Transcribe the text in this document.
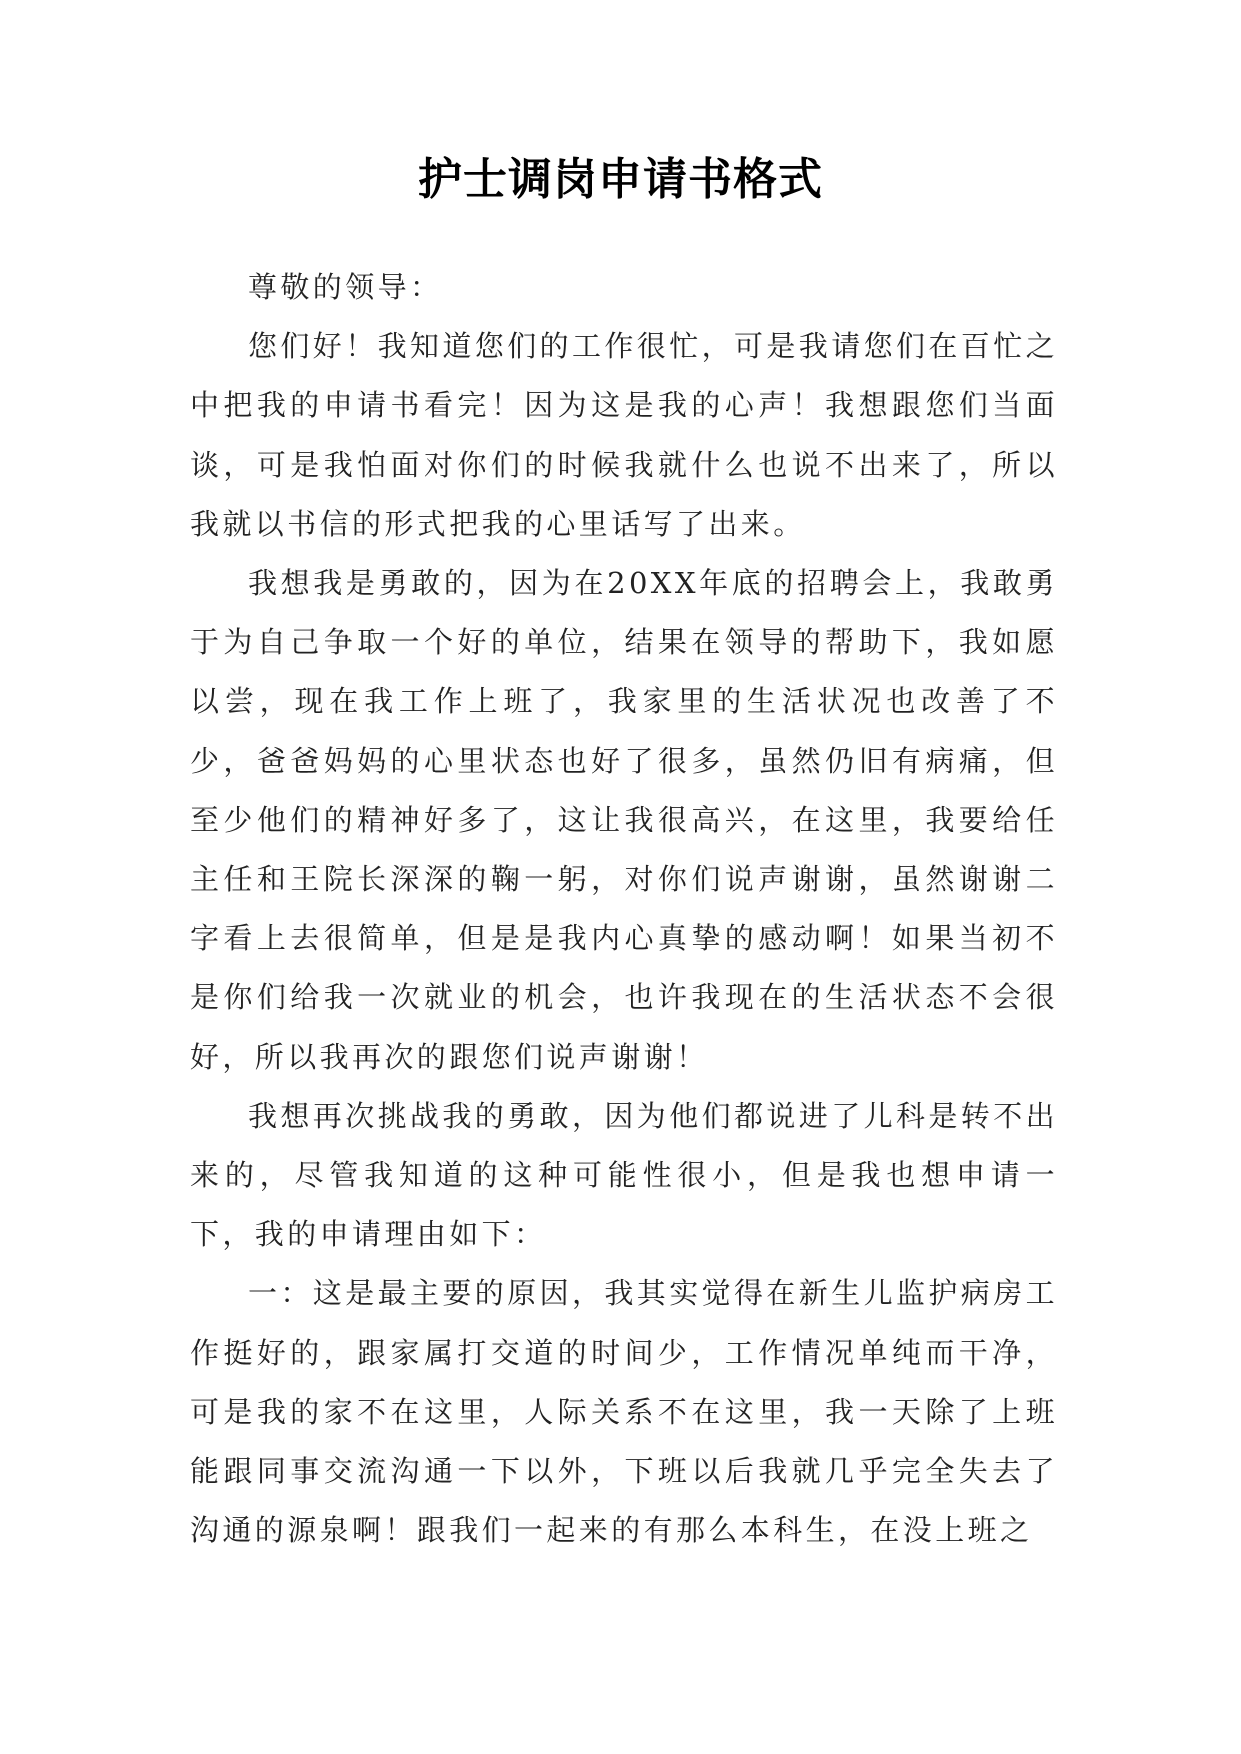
护士调岗申请书格式

尊敬的领导：

您们好！我知道您们的工作很忙，可是我请您们在百忙之中把我的申请书看完！因为这是我的心声！我想跟您们当面谈，可是我怕面对你们的时候我就什么也说不出来了，所以我就以书信的形式把我的心里话写了出来。

我想我是勇敢的，因为在20XX年底的招聘会上，我敢勇于为自己争取一个好的单位，结果在领导的帮助下，我如愿以尝，现在我工作上班了，我家里的生活状况也改善了不少，爸爸妈妈的心里状态也好了很多，虽然仍旧有病痛，但至少他们的精神好多了，这让我很高兴，在这里，我要给任主任和王院长深深的鞠一躬，对你们说声谢谢，虽然谢谢二字看上去很简单，但是是我内心真挚的感动啊！如果当初不是你们给我一次就业的机会，也许我现在的生活状态不会很好，所以我再次的跟您们说声谢谢！

我想再次挑战我的勇敢，因为他们都说进了儿科是转不出来的，尽管我知道的这种可能性很小，但是我也想申请一下，我的申请理由如下：

一：这是最主要的原因，我其实觉得在新生儿监护病房工作挺好的，跟家属打交道的时间少，工作情况单纯而干净，可是我的家不在这里，人际关系不在这里，我一天除了上班能跟同事交流沟通一下以外，下班以后我就几乎完全失去了沟通的源泉啊！跟我们一起来的有那么本科生，在没上班之
